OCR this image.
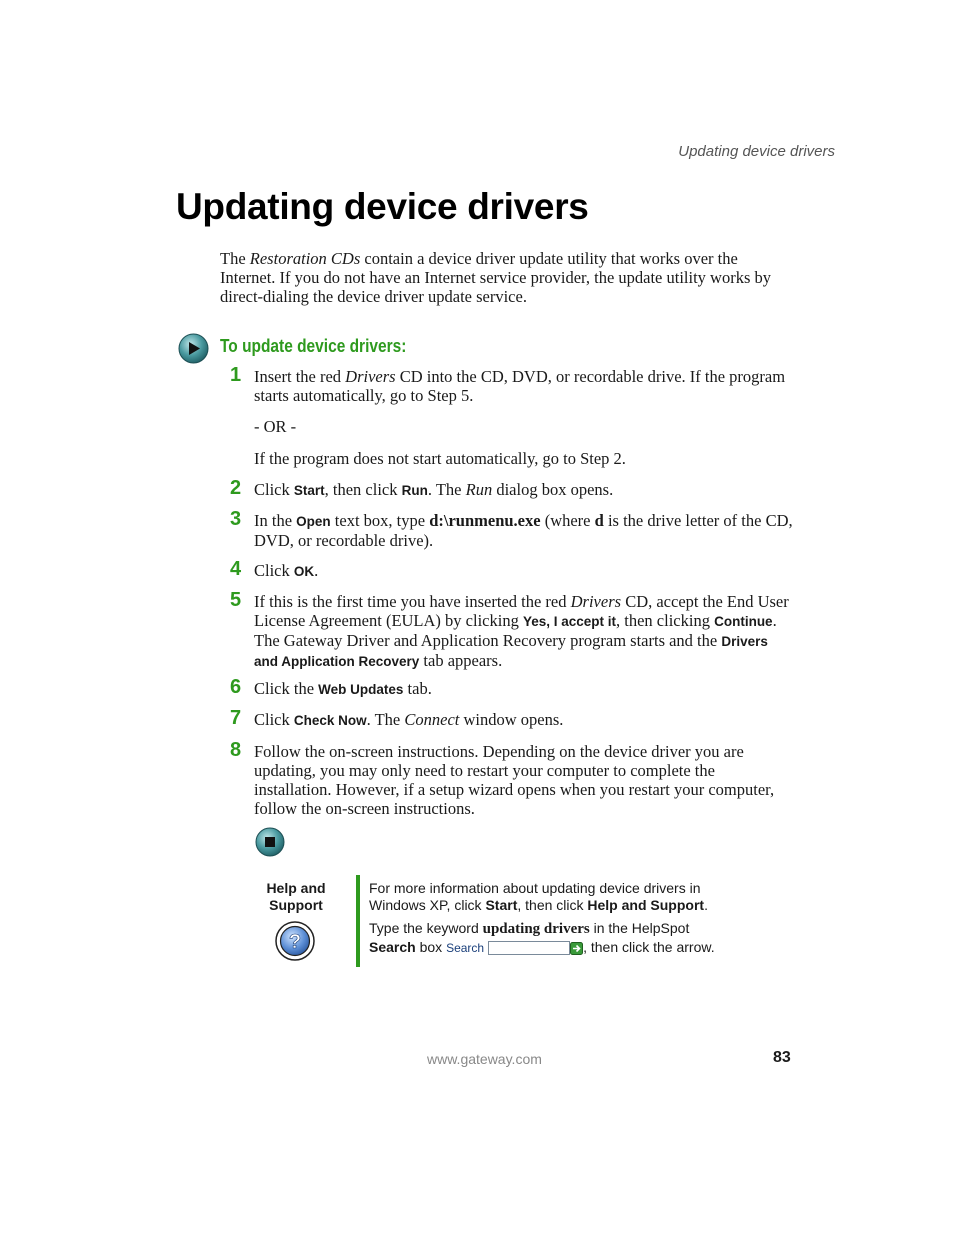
Updating device drivers
Updating device drivers
The Restoration CDs contain a device driver update utility that works over the Internet. If you do not have an Internet service provider, the update utility works by direct-dialing the device driver update service.
To update device drivers:
1 Insert the red Drivers CD into the CD, DVD, or recordable drive. If the program starts automatically, go to Step 5.
- OR -
If the program does not start automatically, go to Step 2.
2 Click Start, then click Run. The Run dialog box opens.
3 In the Open text box, type d:\runmenu.exe (where d is the drive letter of the CD, DVD, or recordable drive).
4 Click OK.
5 If this is the first time you have inserted the red Drivers CD, accept the End User License Agreement (EULA) by clicking Yes, I accept it, then clicking Continue. The Gateway Driver and Application Recovery program starts and the Drivers and Application Recovery tab appears.
6 Click the Web Updates tab.
7 Click Check Now. The Connect window opens.
8 Follow the on-screen instructions. Depending on the device driver you are updating, you may only need to restart your computer to complete the installation. However, if a setup wizard opens when you restart your computer, follow the on-screen instructions.
Help and
Support
?
For more information about updating device drivers in Windows XP, click Start, then click Help and Support.
Type the keyword updating drivers in the HelpSpot
Search box Search	, then click the arrow.
www.gateway.com	83
